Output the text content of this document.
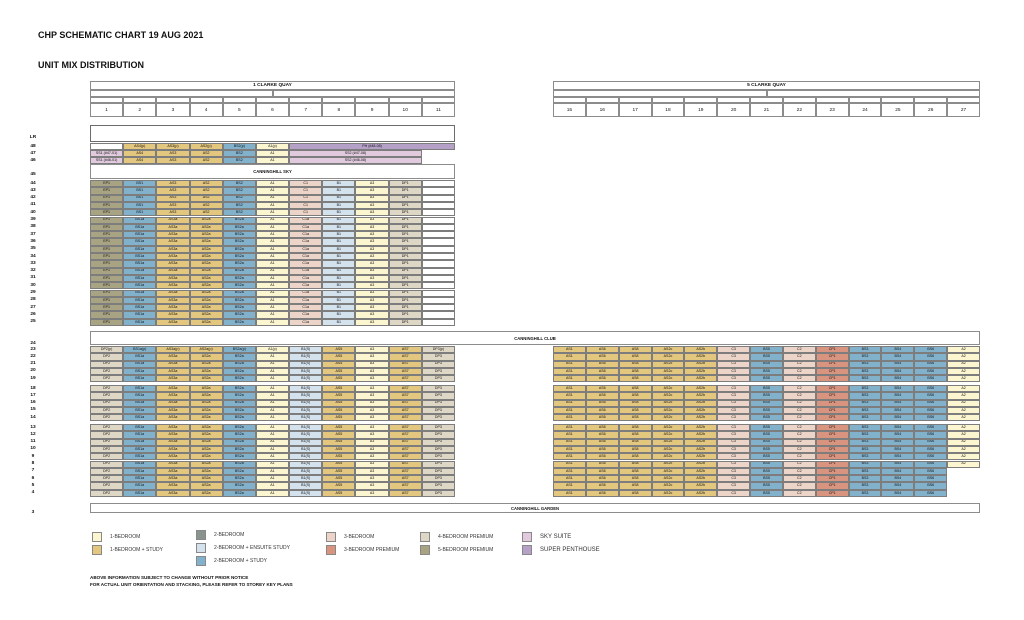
CHP SCHEMATIC CHART 19 AUG 2021
UNIT MIX DISTRIBUTION
1 CLARKE QUAY	5 CLARKE QUAY
1	2	3	4	5	6	7	8	9	10	11	15	16	17	18	19	20	21	22	23	24	25	26	27
LR
48	AS4(p)	AS3(p)	AS2(p)	BS2(p)	A1(p)	PH (#48-08)
47	SS1 (#47-01)	AS4	AS3	AS2	BS2	A1	SS2 (#47-08)
46	SS1 (#46-01)	AS4	AS3	AS2	BS2	A1	SS2 (#46-08)
45
CANNINGHILL SKY
44	EP1	BS1	AS3	AS2	BS2	A1	C1	B1	A3	DP1
43	EP1	BS1	AS3	AS2	BS2	A1	C1	B1	A3	DP1
42	EP1	BS1	AS3	AS2	BS2	A1	C1	B1	A3	DP1
41	EP1	BS1	AS3	AS2	BS2	A1	C1	B1	A3	DP1
40	EP1	BS1	AS3	AS2	BS2	A1	C1	B1	A3	DP1
39	EP1	BS1a	AS3a	AS2a	BS2a	A1	C1a	B1	A3	DP1
38	EP1	BS1a	AS3a	AS2a	BS2a	A1	C1a	B1	A3	DP1
37	EP1	BS1a	AS3a	AS2a	BS2a	A1	C1a	B1	A3	DP1
36	EP1	BS1a	AS3a	AS2a	BS2a	A1	C1a	B1	A3	DP1
35	EP1	BS1a	AS3a	AS2a	BS2a	A1	C1a	B1	A3	DP1
34	EP1	BS1a	AS3a	AS2a	BS2a	A1	C1a	B1	A3	DP1
33	EP1	BS1a	AS3a	AS2a	BS2a	A1	C1a	B1	A3	DP1
32	EP1	BS1a	AS3a	AS2a	BS2a	A1	C1a	B1	A3	DP1
31	EP1	BS1a	AS3a	AS2a	BS2a	A1	C1a	B1	A3	DP1
30	EP1	BS1a	AS3a	AS2a	BS2a	A1	C1a	B1	A3	DP1
29	EP1	BS1a	AS3a	AS2a	BS2a	A1	C1a	B1	A3	DP1
28	EP1	BS1a	AS3a	AS2a	BS2a	A1	C1a	B1	A3	DP1
27	EP1	BS1a	AS3a	AS2a	BS2a	A1	C1a	B1	A3	DP1
26	EP1	BS1a	AS3a	AS2a	BS2a	A1	C1a	B1	A3	DP1
25	EP1	BS1a	AS3a	AS2a	BS2a	A1	C1a	B1	A3	DP1
24
CANNINGHILL CLUB
23	DP2(p)	BS1a(p)	AS3a(p)	AS2a(p)	BS2a(p)	A1(p)	B1(S)	AS5	A3	AS7	DP3(p)	AS1	AS6	AS8	AS2c	AS2b	C3	BS5	C2	CP1	BS3	BS4	BS6	A2
22	DP2	BS1a	AS3a	AS2a	BS2a	A1	B1(S)	AS5	A3	AS7	DP3	AS1	AS6	AS8	AS2c	AS2b	C3	BS5	C2	CP1	BS3	BS4	BS6	A2
21	DP2	BS1a	AS3a	AS2a	BS2a	A1	B1(S)	AS5	A3	AS7	DP3	AS1	AS6	AS8	AS2c	AS2b	C3	BS5	C2	CP1	BS3	BS4	BS6	A2
20	DP2	BS1a	AS3a	AS2a	BS2a	A1	B1(S)	AS5	A3	AS7	DP3	AS1	AS6	AS8	AS2c	AS2b	C3	BS5	C2	CP1	BS3	BS4	BS6	A2
19	DP2	BS1a	AS3a	AS2a	BS2a	A1	B1(S)	AS5	A3	AS7	DP3	AS1	AS6	AS8	AS2c	AS2b	C3	BS5	C2	CP1	BS3	BS4	BS6	A2
18	DP2	BS1a	AS3a	AS2a	BS2a	A1	B1(S)	AS5	A3	AS7	DP3	AS1	AS6	AS8	AS2c	AS2b	C3	BS5	C2	CP1	BS3	BS4	BS6	A2
17	DP2	BS1a	AS3a	AS2a	BS2a	A1	B1(S)	AS5	A3	AS7	DP3	AS1	AS6	AS8	AS2c	AS2b	C3	BS5	C2	CP1	BS3	BS4	BS6	A2
16	DP2	BS1a	AS3a	AS2a	BS2a	A1	B1(S)	AS5	A3	AS7	DP3	AS1	AS6	AS8	AS2c	AS2b	C3	BS5	C2	CP1	BS3	BS4	BS6	A2
15	DP2	BS1a	AS3a	AS2a	BS2a	A1	B1(S)	AS5	A3	AS7	DP3	AS1	AS6	AS8	AS2c	AS2b	C3	BS5	C2	CP1	BS3	BS4	BS6	A2
14	DP2	BS1a	AS3a	AS2a	BS2a	A1	B1(S)	AS5	A3	AS7	DP3	AS1	AS6	AS8	AS2c	AS2b	C3	BS5	C2	CP1	BS3	BS4	BS6	A2
13	DP2	BS1a	AS3a	AS2a	BS2a	A1	B1(S)	AS5	A3	AS7	DP3	AS1	AS6	AS8	AS2c	AS2b	C3	BS5	C2	CP1	BS3	BS4	BS6	A2
12	DP2	BS1a	AS3a	AS2a	BS2a	A1	B1(S)	AS5	A3	AS7	DP3	AS1	AS6	AS8	AS2c	AS2b	C3	BS5	C2	CP1	BS3	BS4	BS6	A2
11	DP2	BS1a	AS3a	AS2a	BS2a	A1	B1(S)	AS5	A3	AS7	DP3	AS1	AS6	AS8	AS2c	AS2b	C3	BS5	C2	CP1	BS3	BS4	BS6	A2
10	DP2	BS1a	AS3a	AS2a	BS2a	A1	B1(S)	AS5	A3	AS7	DP3	AS1	AS6	AS8	AS2c	AS2b	C3	BS5	C2	CP1	BS3	BS4	BS6	A2
9	DP2	BS1a	AS3a	AS2a	BS2a	A1	B1(S)	AS5	A3	AS7	DP3	AS1	AS6	AS8	AS2c	AS2b	C3	BS5	C2	CP1	BS3	BS4	BS6	A2
8	DP2	BS1a	AS3a	AS2a	BS2a	A1	B1(S)	AS5	A3	AS7	DP3	AS1	AS6	AS8	AS2c	AS2b	C3	BS5	C2	CP1	BS3	BS4	BS6	A2
7	DP2	BS1a	AS3a	AS2a	BS2a	A1	B1(S)	AS5	A3	AS7	DP3	AS1	AS6	AS8	AS2c	AS2b	C3	BS5	C2	CP1	BS3	BS4	BS6
6	DP2	BS1a	AS3a	AS2a	BS2a	A1	B1(S)	AS5	A3	AS7	DP3	AS1	AS6	AS8	AS2c	AS2b	C3	BS5	C2	CP1	BS3	BS4	BS6
5	DP2	BS1a	AS3a	AS2a	BS2a	A1	B1(S)	AS5	A3	AS7	DP3	AS1	AS6	AS8	AS2c	AS2b	C3	BS5	C2	CP1	BS3	BS4	BS6
4	DP2	BS1a	AS3a	AS2a	BS2a	A1	B1(S)	AS5	A3	AS7	DP3	AS1	AS6	AS8	AS2c	AS2b	C3	BS5	C2	CP1	BS3	BS4	BS6
3
CANNINGHILL GARDEN
1-BEDROOM
1-BEDROOM + STUDY
2-BEDROOM
2-BEDROOM + ENSUITE STUDY
2-BEDROOM + STUDY
3-BEDROOM
3-BEDROOM PREMIUM
4-BEDROOM PREMIUM
5-BEDROOM PREMIUM
SKY SUITE
SUPER PENTHOUSE
ABOVE INFORMATION SUBJECT TO CHANGE WITHOUT PRIOR NOTICE
FOR ACTUAL UNIT ORIENTATION AND STACKING, PLEASE REFER TO STOREY KEY PLANS
